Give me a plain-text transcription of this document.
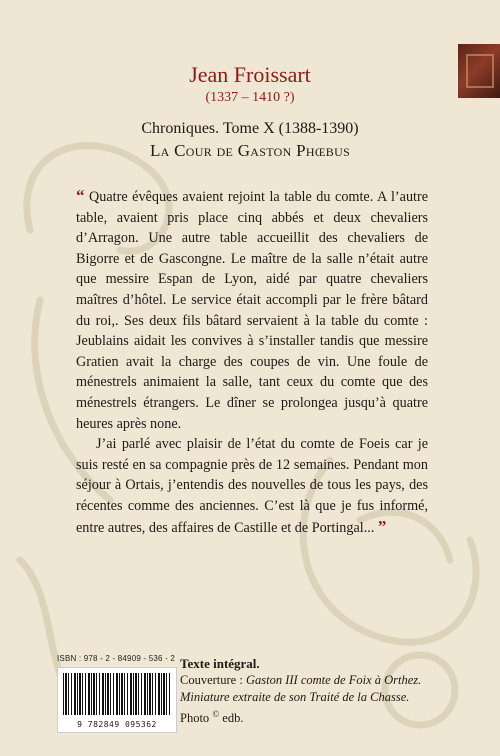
Jean Froissart
(1337 – 1410 ?)
Chroniques. Tome X (1388-1390)
La Cour de Gaston Phœbus

“ Quatre évêques avaient rejoint la table du comte. A l’autre table, avaient pris place cinq abbés et deux chevaliers d’Arragon. Une autre table accueillit des chevaliers de Bigorre et de Gascongne. Le maître de la salle n’était autre que messire Espan de Lyon, aidé par quatre chevaliers maîtres d’hôtel. Le service était accompli par le frère bâtard du roi,. Ses deux fils bâtard servaient à la table du comte : Jeublains aidait les convives à s’installer tandis que messire Gratien avait la charge des coupes de vin. Une foule de ménestrels animaient la salle, tant ceux du comte que des ménestrels étrangers. Le dîner se prolongea jusqu’à quatre heures après none.

J’ai parlé avec plaisir de l’état du comte de Foeis car je suis resté en sa compagnie près de 12 semaines. Pendant mon séjour à Ortais, j’entendis des nouvelles de tous les pays, des récentes comme des anciennes. C’est là que je fus informé, entre autres, des affaires de Castille et de Portingal... ”

ISBN : 978 - 2 - 84909 - 536 - 2
9 782849 095362
Texte intégral.
Couverture : Gaston III comte de Foix à Orthez.
Miniature extraite de son Traité de la Chasse.
Photo © edb.
